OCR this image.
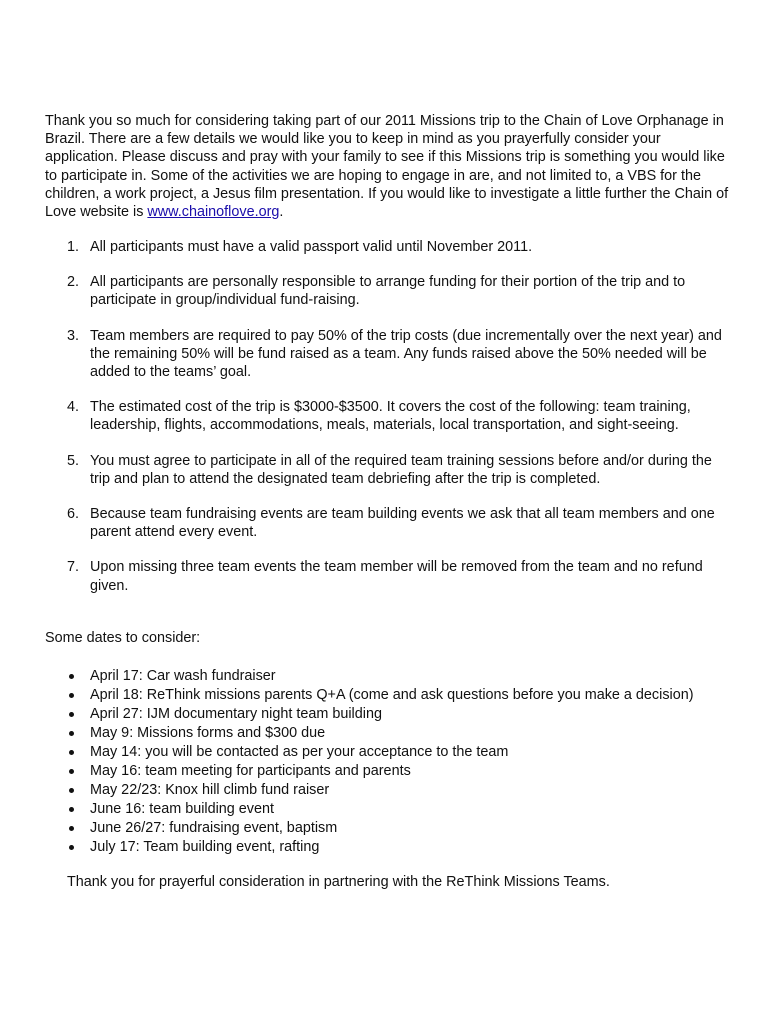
Thank you so much for considering taking part of our 2011 Missions trip to the Chain of Love Orphanage in Brazil. There are a few details we would like you to keep in mind as you prayerfully consider your application. Please discuss and pray with your family to see if this Missions trip is something you would like to participate in. Some of the activities we are hoping to engage in are, and not limited to, a VBS for the children, a work project, a Jesus film presentation. If you would like to investigate a little further the Chain of Love website is www.chainoflove.org.

1. All participants must have a valid passport valid until November 2011.
2. All participants are personally responsible to arrange funding for their portion of the trip and to participate in group/individual fund-raising.
3. Team members are required to pay 50% of the trip costs (due incrementally over the next year) and the remaining 50% will be fund raised as a team. Any funds raised above the 50% needed will be added to the teams’ goal.
4. The estimated cost of the trip is $3000-$3500. It covers the cost of the following: team training, leadership, flights, accommodations, meals, materials, local transportation, and sight-seeing.
5. You must agree to participate in all of the required team training sessions before and/or during the trip and plan to attend the designated team debriefing after the trip is completed.
6. Because team fundraising events are team building events we ask that all team members and one parent attend every event.
7. Upon missing three team events the team member will be removed from the team and no refund given.

Some dates to consider:

April 17: Car wash fundraiser
April 18: ReThink missions parents Q+A (come and ask questions before you make a decision)
April 27: IJM documentary night team building
May 9: Missions forms and $300 due
May 14: you will be contacted as per your acceptance to the team
May 16: team meeting for participants and parents
May 22/23: Knox hill climb fund raiser
June 16: team building event
June 26/27: fundraising event, baptism
July 17: Team building event, rafting

Thank you for prayerful consideration in partnering with the ReThink Missions Teams.
